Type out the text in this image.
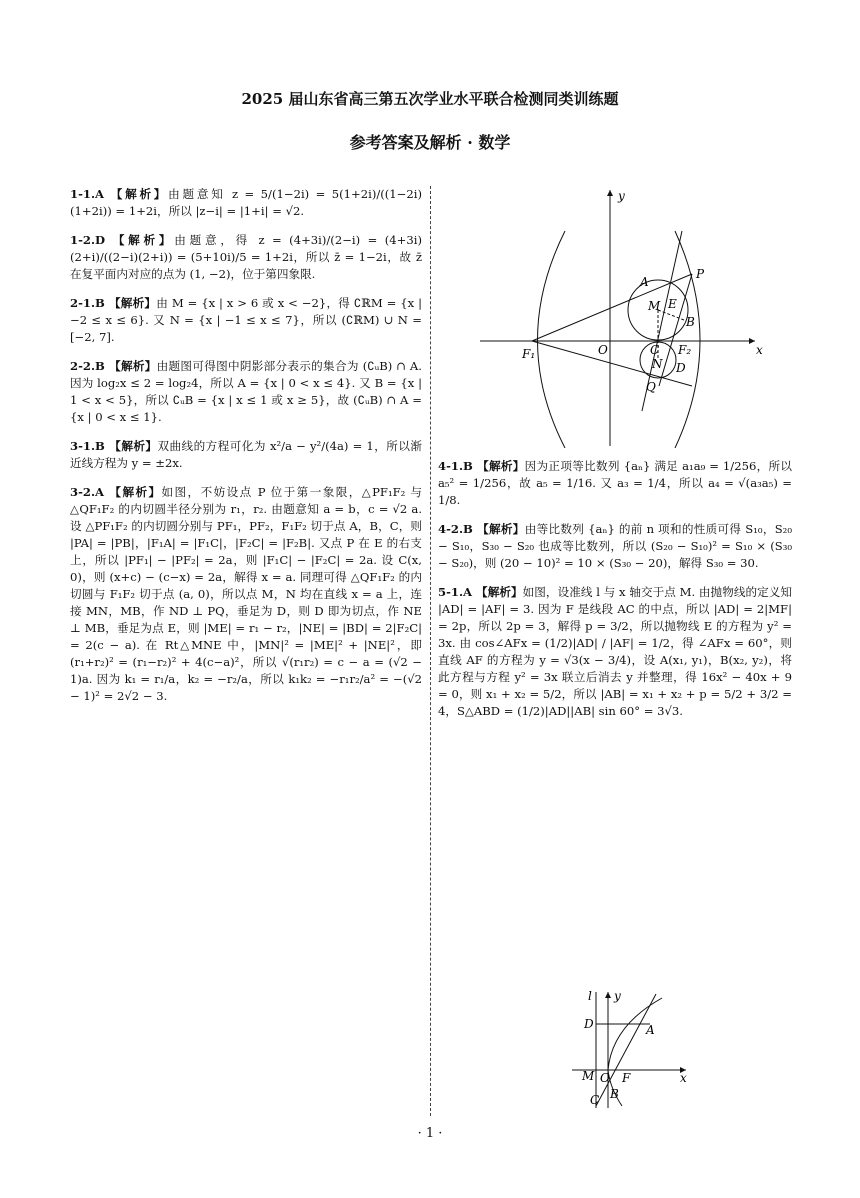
2025 届山东省高三第五次学业水平联合检测同类训练题
参考答案及解析 · 数学
1-1.A 【解析】由题意知 z = 5/(1−2i) = 5(1+2i)/((1−2i)(1+2i)) = 1+2i，所以 |z−i| = |1+i| = √2.
1-2.D 【解析】由题意，得 z = (4+3i)/(2−i) = (4+3i)(2+i)/((2−i)(2+i)) = (5+10i)/5 = 1+2i，所以 z̄ = 1−2i，故 z̄ 在复平面内对应的点为 (1, −2)，位于第四象限.
2-1.B 【解析】由 M = {x | x > 6 或 x < −2}，得 ∁ℝM = {x | −2 ≤ x ≤ 6}. 又 N = {x | −1 ≤ x ≤ 7}，所以 (∁ℝM) ∪ N = [−2, 7].
2-2.B 【解析】由题图可得图中阴影部分表示的集合为 (∁ᵤB) ∩ A. 因为 log₂x ≤ 2 = log₂4，所以 A = {x | 0 < x ≤ 4}. 又 B = {x | 1 < x < 5}，所以 ∁ᵤB = {x | x ≤ 1 或 x ≥ 5}，故 (∁ᵤB) ∩ A = {x | 0 < x ≤ 1}.
3-1.B 【解析】双曲线的方程可化为 x²/a − y²/(4a) = 1，所以渐近线方程为 y = ±2x.
3-2.A 【解析】如图，不妨设点 P 位于第一象限，△PF₁F₂ 与 △QF₁F₂ 的内切圆半径分别为 r₁，r₂. 由题意知 a = b，c = √2 a. 设 △PF₁F₂ 的内切圆分别与 PF₁，PF₂，F₁F₂ 切于点 A，B，C，则 |PA| = |PB|，|F₁A| = |F₁C|，|F₂C| = |F₂B|. 又点 P 在 E 的右支上，所以 |PF₁| − |PF₂| = 2a，则 |F₁C| − |F₂C| = 2a. 设 C(x, 0)，则 (x+c) − (c−x) = 2a，解得 x = a. 同理可得 △QF₁F₂ 的内切圆与 F₁F₂ 切于点 (a, 0)，所以点 M，N 均在直线 x = a 上，连接 MN，MB，作 ND ⊥ PQ，垂足为 D，则 D 即为切点，作 NE ⊥ MB，垂足为点 E，则 |ME| = r₁ − r₂，|NE| = |BD| = 2|F₂C| = 2(c − a). 在 Rt△MNE 中，|MN|² = |ME|² + |NE|²，即 (r₁+r₂)² = (r₁−r₂)² + 4(c−a)²，所以 √(r₁r₂) = c − a = (√2 − 1)a. 因为 k₁ = r₁/a，k₂ = −r₂/a，所以 k₁k₂ = −r₁r₂/a² = −(√2 − 1)² = 2√2 − 3.
y
x
P
A
M E
B
F₁	O	C F₂
N D
Q
4-1.B 【解析】因为正项等比数列 {aₙ} 满足 a₁a₉ = 1/256，所以 a₅² = 1/256，故 a₅ = 1/16. 又 a₃ = 1/4，所以 a₄ = √(a₃a₅) = 1/8.
4-2.B 【解析】由等比数列 {aₙ} 的前 n 项和的性质可得 S₁₀，S₂₀ − S₁₀，S₃₀ − S₂₀ 也成等比数列，所以 (S₂₀ − S₁₀)² = S₁₀ × (S₃₀ − S₂₀)，则 (20 − 10)² = 10 × (S₃₀ − 20)，解得 S₃₀ = 30.
5-1.A 【解析】如图，设准线 l 与 x 轴交于点 M. 由抛物线的定义知 |AD| = |AF| = 3. 因为 F 是线段 AC 的中点，所以 |AD| = 2|MF| = 2p，所以 2p = 3，解得 p = 3/2，所以抛物线 E 的方程为 y² = 3x. 由 cos∠AFx = (1/2)|AD| / |AF| = 1/2，得 ∠AFx = 60°，则直线 AF 的方程为 y = √3(x − 3/4)，设 A(x₁, y₁)，B(x₂, y₂)，将此方程与方程 y² = 3x 联立后消去 y 并整理，得 16x² − 40x + 9 = 0，则 x₁ + x₂ = 5/2，所以 |AB| = x₁ + x₂ + p = 5/2 + 3/2 = 4，S△ABD = (1/2)|AD||AB| sin 60° = 3√3.
l y
D	A
M O F	x
C B
· 1 ·
